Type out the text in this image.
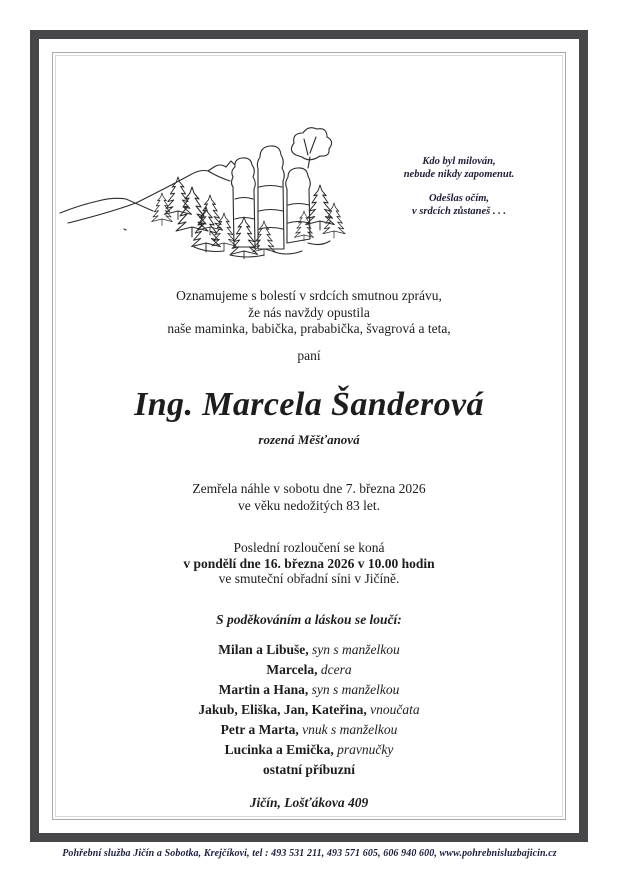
Kdo byl milován,
nebude nikdy zapomenut.
Odešlas očím,
v srdcích zůstaneš . . .
Oznamujeme s bolestí v srdcích smutnou zprávu,
že nás navždy opustila
naše maminka, babička, prababička, švagrová a teta,
paní
Ing. Marcela Šanderová
rozená Měšťanová
Zemřela náhle v sobotu dne 7. března 2026
ve věku nedožitých 83 let.
Poslední rozloučení se koná
v pondělí dne 16. března 2026 v 10.00 hodin
ve smuteční obřadní síni v Jičíně.
S poděkováním a láskou se loučí:
Milan a Libuše, syn s manželkou
Marcela, dcera
Martin a Hana, syn s manželkou
Jakub, Eliška, Jan, Kateřina, vnoučata
Petr a Marta, vnuk s manželkou
Lucinka a Emička, pravnučky
ostatní příbuzní
Jičín, Lošťákova 409
Pohřební služba Jičín a Sobotka, Krejčíkovi, tel : 493 531 211, 493 571 605, 606 940 600, www.pohrebnisluzbajicin.cz
